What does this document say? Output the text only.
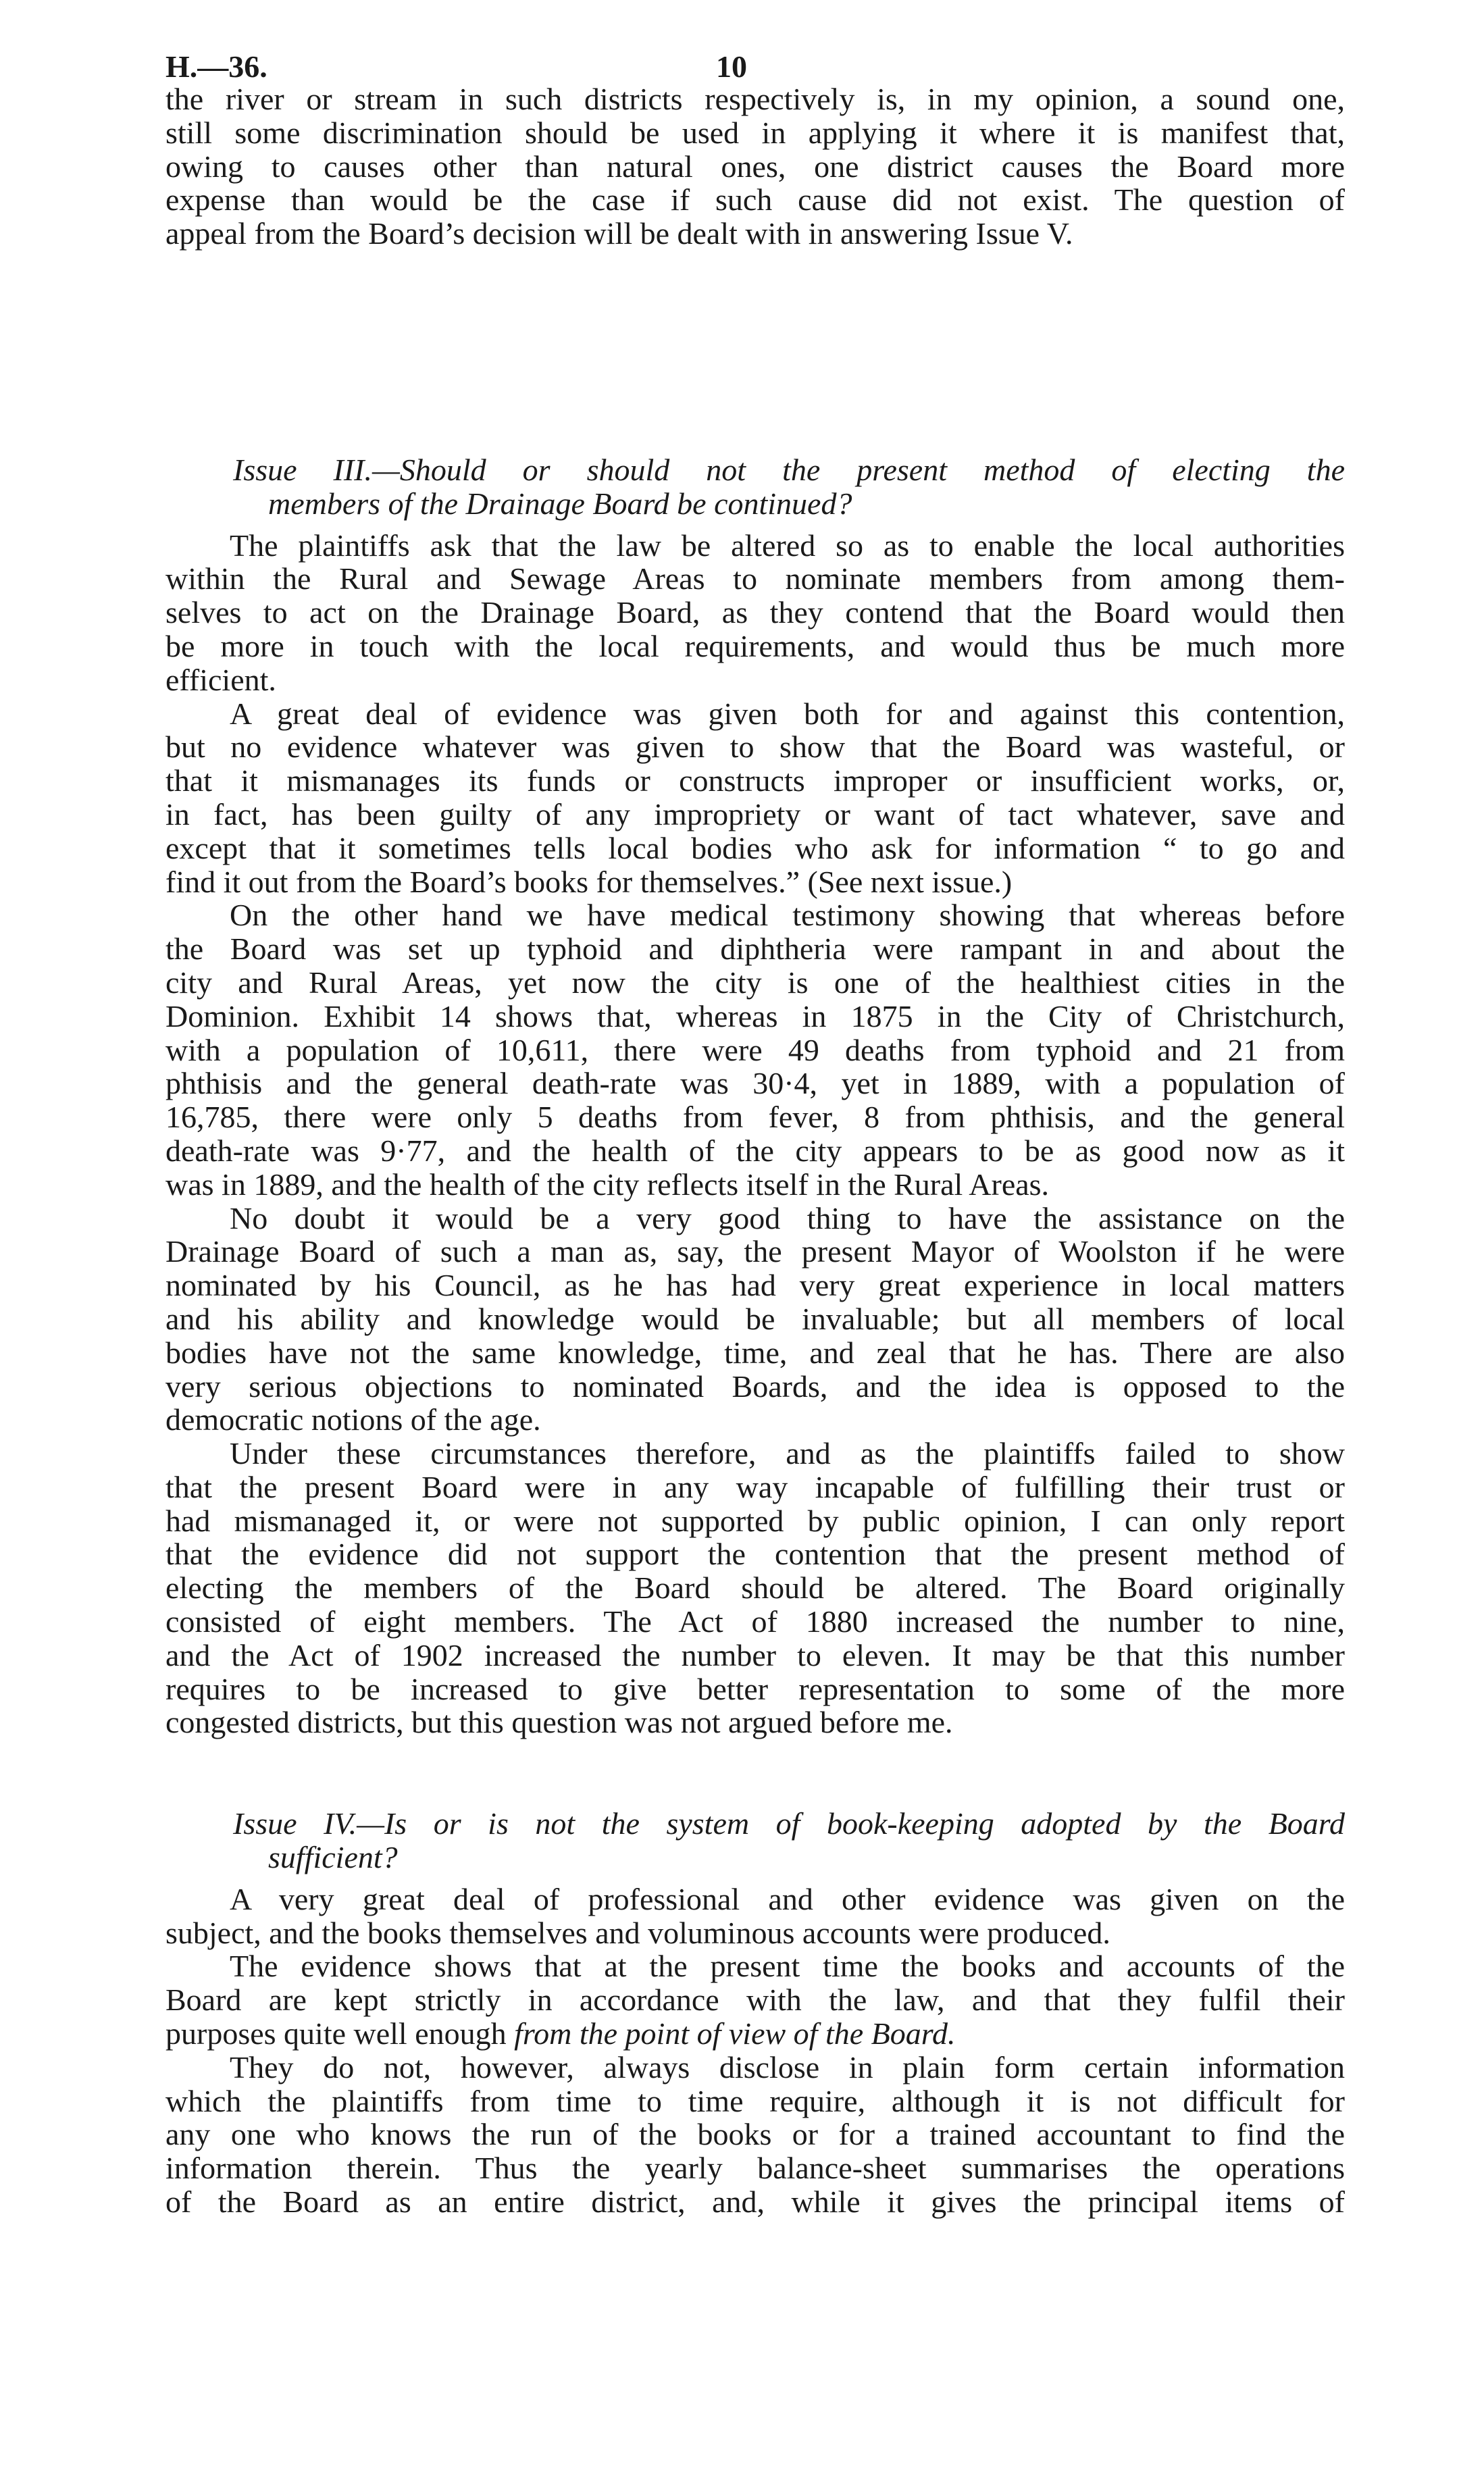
H.—36.	10
the river or stream in such districts respectively is, in my opinion, a sound one,
still some discrimination should be used in applying it where it is manifest that,
owing to causes other than natural ones, one district causes the Board more
expense than would be the case if such cause did not exist. The question of
appeal from the Board’s decision will be dealt with in answering Issue V.
Issue III.—Should or should not the present method of electing the
members of the Drainage Board be continued?
The plaintiffs ask that the law be altered so as to enable the local authorities
within the Rural and Sewage Areas to nominate members from among them-
selves to act on the Drainage Board, as they contend that the Board would then
be more in touch with the local requirements, and would thus be much more
efficient.
A great deal of evidence was given both for and against this contention,
but no evidence whatever was given to show that the Board was wasteful, or
that it mismanages its funds or constructs improper or insufficient works, or,
in fact, has been guilty of any impropriety or want of tact whatever, save and
except that it sometimes tells local bodies who ask for information “ to go and
find it out from the Board’s books for themselves.” (See next issue.)
On the other hand we have medical testimony showing that whereas before
the Board was set up typhoid and diphtheria were rampant in and about the
city and Rural Areas, yet now the city is one of the healthiest cities in the
Dominion. Exhibit 14 shows that, whereas in 1875 in the City of Christchurch,
with a population of 10,611, there were 49 deaths from typhoid and 21 from
phthisis and the general death-rate was 30·4, yet in 1889, with a population of
16,785, there were only 5 deaths from fever, 8 from phthisis, and the general
death-rate was 9·77, and the health of the city appears to be as good now as it
was in 1889, and the health of the city reflects itself in the Rural Areas.
No doubt it would be a very good thing to have the assistance on the
Drainage Board of such a man as, say, the present Mayor of Woolston if he were
nominated by his Council, as he has had very great experience in local matters
and his ability and knowledge would be invaluable; but all members of local
bodies have not the same knowledge, time, and zeal that he has. There are also
very serious objections to nominated Boards, and the idea is opposed to the
democratic notions of the age.
Under these circumstances therefore, and as the plaintiffs failed to show
that the present Board were in any way incapable of fulfilling their trust or
had mismanaged it, or were not supported by public opinion, I can only report
that the evidence did not support the contention that the present method of
electing the members of the Board should be altered. The Board originally
consisted of eight members. The Act of 1880 increased the number to nine,
and the Act of 1902 increased the number to eleven. It may be that this number
requires to be increased to give better representation to some of the more
congested districts, but this question was not argued before me.
Issue IV.—Is or is not the system of book-keeping adopted by the Board
sufficient?
A very great deal of professional and other evidence was given on the
subject, and the books themselves and voluminous accounts were produced.
The evidence shows that at the present time the books and accounts of the
Board are kept strictly in accordance with the law, and that they fulfil their
purposes quite well enough from the point of view of the Board.
They do not, however, always disclose in plain form certain information
which the plaintiffs from time to time require, although it is not difficult for
any one who knows the run of the books or for a trained accountant to find the
information therein. Thus the yearly balance-sheet summarises the operations
of the Board as an entire district, and, while it gives the principal items of
